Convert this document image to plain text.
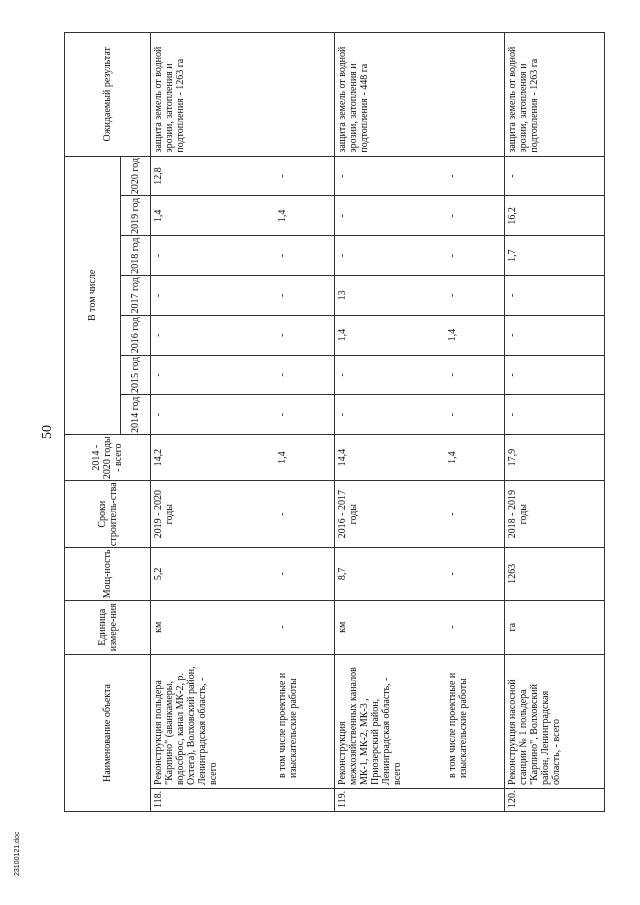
50
Наименование объекта		Единица измере-ния	Мощ-ность	Сроки строитель-ства	2014 - 2020 годы - всего	В том числе							Ожидаемый результат
						2014 год	2015 год	2016 год	2017 год	2018 год	2019 год	2020 год	
118.	Реконструкция польдера "Карпино" (аванкамеры, водосброс, канал МК-2, р. Охтега), Волховский район, Ленинградская область, - всего	км	5,2	2019 - 2020 годы	14,2	-	-	-	-	-	1,4	12,8	защита земель от водной эрозии, затопления и подтопления - 1263 га
	в том числе проектные и изыскательские работы	-	-	-	1,4	-	-	-	-	-	1,4	-	
119.	Реконструкция межхозяйственных каналов МК-1, МК-2, МК-3 , Приозерский район, Ленинградская область, - всего	км	8,7	2016 - 2017 годы	14,4	-	-	1,4	13	-	-	-	защита земель от водной эрозии, затопления и подтопления - 448 га
	в том числе проектные и изыскательские работы	-	-	-	1,4	-	-	1,4	-	-	-	-	
120.	Реконструкция насосной станции № 1 польдера "Карпино", Волховский район, Ленинградская область, - всего	га	1263	2018 - 2019 годы	17,9	-	-	-	-	1,7	16,2	-	защита земель от водной эрозии, затопления и подтопления - 1263 га
23100121.doc
